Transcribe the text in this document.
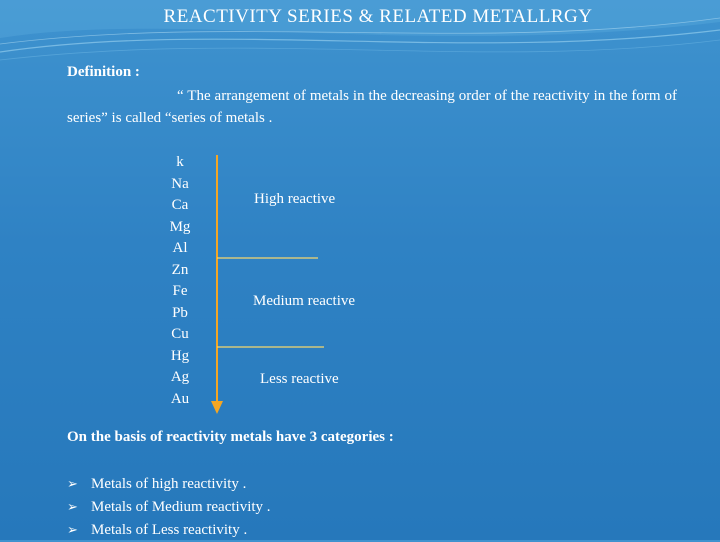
REACTIVITY SERIES & RELATED METALLRGY
Definition :
“ The arrangement of metals in the decreasing order of the reactivity in the form of series” is called “series of metals .
k
Na
Ca
Mg
Al
Zn
Fe
Pb
Cu
Hg
Ag
Au
High reactive
Medium reactive
Less reactive
On the basis of reactivity metals have 3 categories :
➢ Metals of high reactivity .
➢ Metals of Medium reactivity .
➢ Metals of Less reactivity .
